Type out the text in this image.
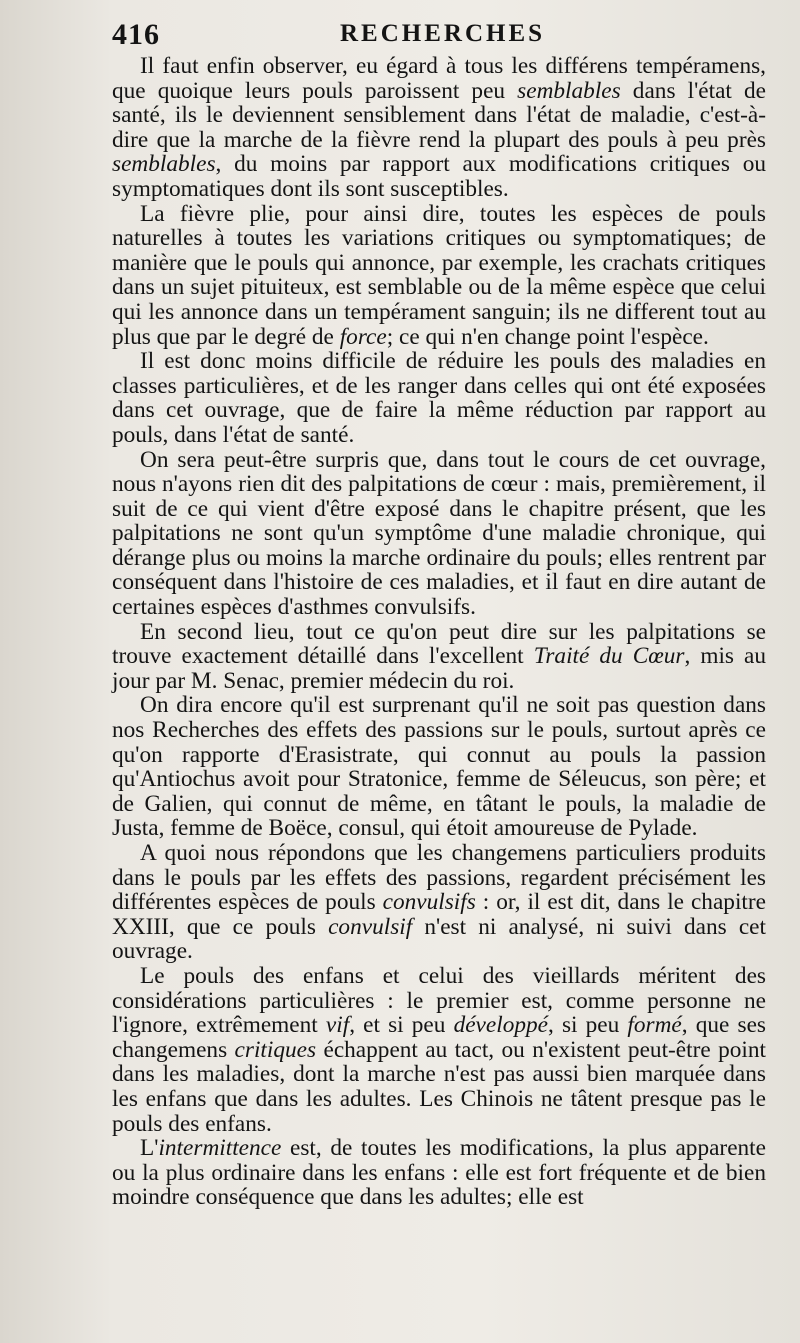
416	RECHERCHES

Il faut enfin observer, eu égard à tous les différens tempéramens, que quoique leurs pouls paroissent peu semblables dans l'état de santé, ils le deviennent sensiblement dans l'état de maladie, c'est-à-dire que la marche de la fièvre rend la plupart des pouls à peu près semblables, du moins par rapport aux modifications critiques ou symptomatiques dont ils sont susceptibles.

La fièvre plie, pour ainsi dire, toutes les espèces de pouls naturelles à toutes les variations critiques ou symptomatiques; de manière que le pouls qui annonce, par exemple, les crachats critiques dans un sujet pituiteux, est semblable ou de la même espèce que celui qui les annonce dans un tempérament sanguin; ils ne different tout au plus que par le degré de force; ce qui n'en change point l'espèce.

Il est donc moins difficile de réduire les pouls des maladies en classes particulières, et de les ranger dans celles qui ont été exposées dans cet ouvrage, que de faire la même réduction par rapport au pouls, dans l'état de santé.

On sera peut-être surpris que, dans tout le cours de cet ouvrage, nous n'ayons rien dit des palpitations de cœur : mais, premièrement, il suit de ce qui vient d'être exposé dans le chapitre présent, que les palpitations ne sont qu'un symptôme d'une maladie chronique, qui dérange plus ou moins la marche ordinaire du pouls; elles rentrent par conséquent dans l'histoire de ces maladies, et il faut en dire autant de certaines espèces d'asthmes convulsifs.

En second lieu, tout ce qu'on peut dire sur les palpitations se trouve exactement détaillé dans l'excellent Traité du Cœur, mis au jour par M. Senac, premier médecin du roi.

On dira encore qu'il est surprenant qu'il ne soit pas question dans nos Recherches des effets des passions sur le pouls, surtout après ce qu'on rapporte d'Erasistrate, qui connut au pouls la passion qu'Antiochus avoit pour Stratonice, femme de Séleucus, son père; et de Galien, qui connut de même, en tâtant le pouls, la maladie de Justa, femme de Boëce, consul, qui étoit amoureuse de Pylade.

A quoi nous répondons que les changemens particuliers produits dans le pouls par les effets des passions, regardent précisément les différentes espèces de pouls convulsifs : or, il est dit, dans le chapitre XXIII, que ce pouls convulsif n'est ni analysé, ni suivi dans cet ouvrage.

Le pouls des enfans et celui des vieillards méritent des considérations particulières : le premier est, comme personne ne l'ignore, extrêmement vif, et si peu développé, si peu formé, que ses changemens critiques échappent au tact, ou n'existent peut-être point dans les maladies, dont la marche n'est pas aussi bien marquée dans les enfans que dans les adultes. Les Chinois ne tâtent presque pas le pouls des enfans.

L'intermittence est, de toutes les modifications, la plus apparente ou la plus ordinaire dans les enfans : elle est fort fréquente et de bien moindre conséquence que dans les adultes; elle est
